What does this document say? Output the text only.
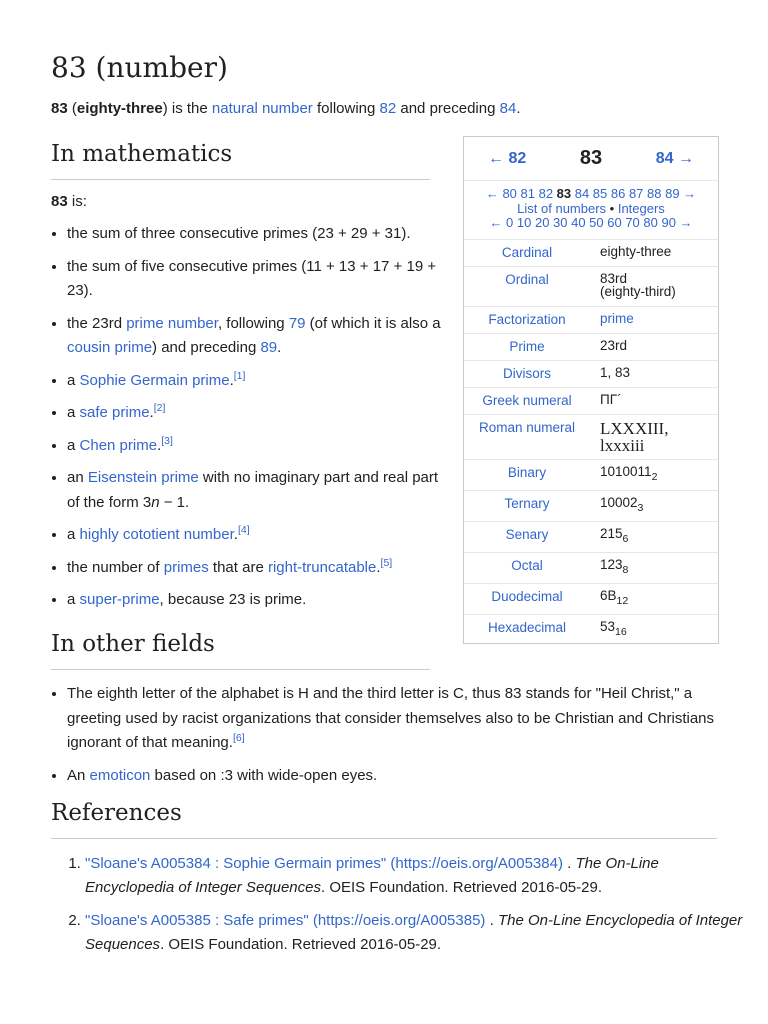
83 (number)

83 (eighty-three) is the natural number following 82 and preceding 84.

In mathematics
83 is:
• the sum of three consecutive primes (23 + 29 + 31).
• the sum of five consecutive primes (11 + 13 + 17 + 19 + 23).
• the 23rd prime number, following 79 (of which it is also a cousin prime) and preceding 89.
• a Sophie Germain prime.[1]
• a safe prime.[2]
• a Chen prime.[3]
• an Eisenstein prime with no imaginary part and real part of the form 3n − 1.
• a highly cototient number.[4]
• the number of primes that are right-truncatable.[5]
• a super-prime, because 23 is prime.
In other fields
• The eighth letter of the alphabet is H and the third letter is C, thus 83 stands for "Heil Christ," a greeting used by racist organizations that consider themselves also to be Christian and Christians ignorant of that meaning.[6]
• An emoticon based on :3 with wide-open eyes.
References
1. "Sloane's A005384 : Sophie Germain primes" (https://oeis.org/A005384) . The On-Line Encyclopedia of Integer Sequences. OEIS Foundation. Retrieved 2016-05-29.
2. "Sloane's A005385 : Safe primes" (https://oeis.org/A005385) . The On-Line Encyclopedia of Integer Sequences. OEIS Foundation. Retrieved 2016-05-29.
← 82	83	84 →
← 80 81 82 83 84 85 86 87 88 89 →
List of numbers • Integers
← 0 10 20 30 40 50 60 70 80 90 →
Cardinal	eighty-three
Ordinal	83rd
(eighty-third)
Factorization	prime
Prime	23rd
Divisors	1, 83
Greek numeral	ΠΓ´
Roman numeral	LXXXIII,
lxxxiii
Binary	$1010011_2$
Ternary	$10002_3$
Senary	$215_6$
Octal	$123_8$
Duodecimal	$6B_{12}$
Hexadecimal	$53_{16}$
